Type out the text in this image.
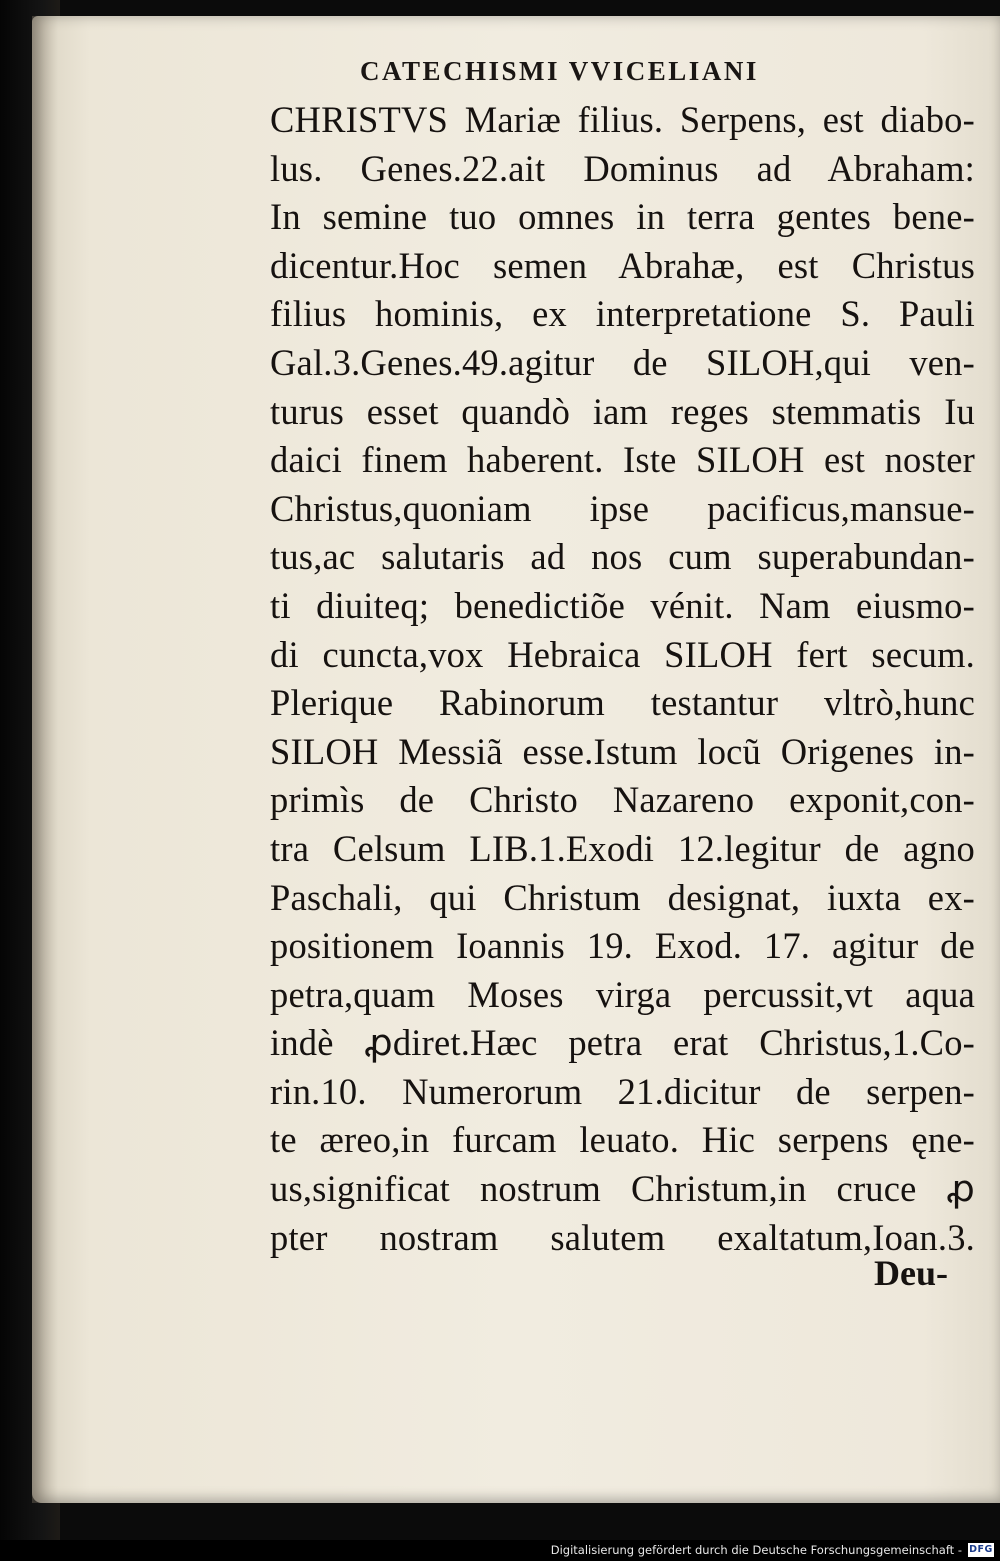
CATECHISMI VVICELIANI
CHRISTVS Mariæ filius. Serpens, est diabo-
lus. Genes.22.ait Dominus ad Abraham:
In semine tuo omnes in terra gentes bene-
dicentur.Hoc semen Abrahæ, est Christus
filius hominis, ex interpretatione S. Pauli
Gal.3.Genes.49.agitur de SILOH,qui ven-
turus esset quandò iam reges stemmatis Iu
daici finem haberent. Iste SILOH est noster
Christus,quoniam ipse pacificus,mansue-
tus,ac salutaris ad nos cum superabundan-
ti diuiteq; benedictiõe vénit. Nam eiusmo-
di cuncta,vox Hebraica SILOH fert secum.
Plerique Rabinorum testantur vltrò,hunc
SILOH Messiã esse.Istum locũ Origenes in-
primìs de Christo Nazareno exponit,con-
tra Celsum LIB.1.Exodi 12.legitur de agno
Paschali, qui Christum designat, iuxta ex-
positionem Ioannis 19. Exod. 17. agitur de
petra,quam Moses virga percussit,vt aqua
indè ꝓdiret.Hæc petra erat Christus,1.Co-
rin.10. Numerorum 21.dicitur de serpen-
te æreo,in furcam leuato. Hic serpens ęne-
us,significat nostrum Christum,in cruce ꝓ
pter nostram salutem exaltatum,Ioan.3.
Deu-
Digitalisierung gefördert durch die Deutsche Forschungsgemeinschaft - DFG
